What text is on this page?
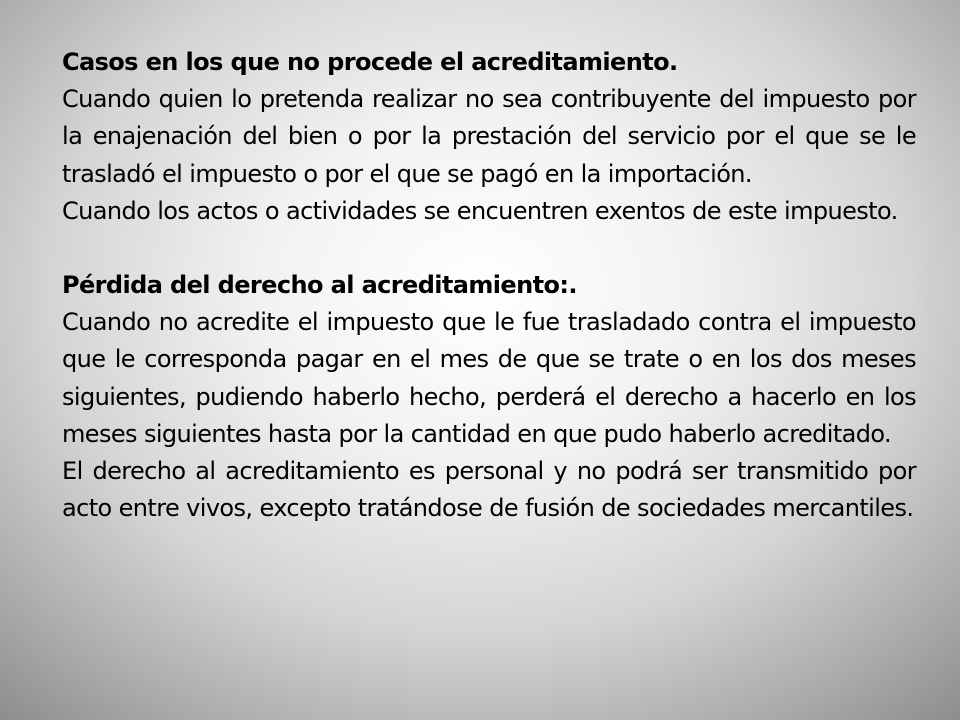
Casos en los que no procede el acreditamiento.

Cuando quien lo pretenda realizar no sea contribuyente del impuesto por la enajenación del bien o por la prestación del servicio por el que se le trasladó el impuesto o por el que se pagó en la importación.

Cuando los actos o actividades se encuentren exentos de este impuesto.

Pérdida del derecho al acreditamiento:.

Cuando no acredite el impuesto que le fue trasladado contra el impuesto que le corresponda pagar en el mes de que se trate o en los dos meses siguientes, pudiendo haberlo hecho, perderá el derecho a hacerlo en los meses siguientes hasta por la cantidad en que pudo haberlo acreditado.

El derecho al acreditamiento es personal y no podrá ser transmitido por acto entre vivos, excepto tratándose de fusión de sociedades mercantiles.
